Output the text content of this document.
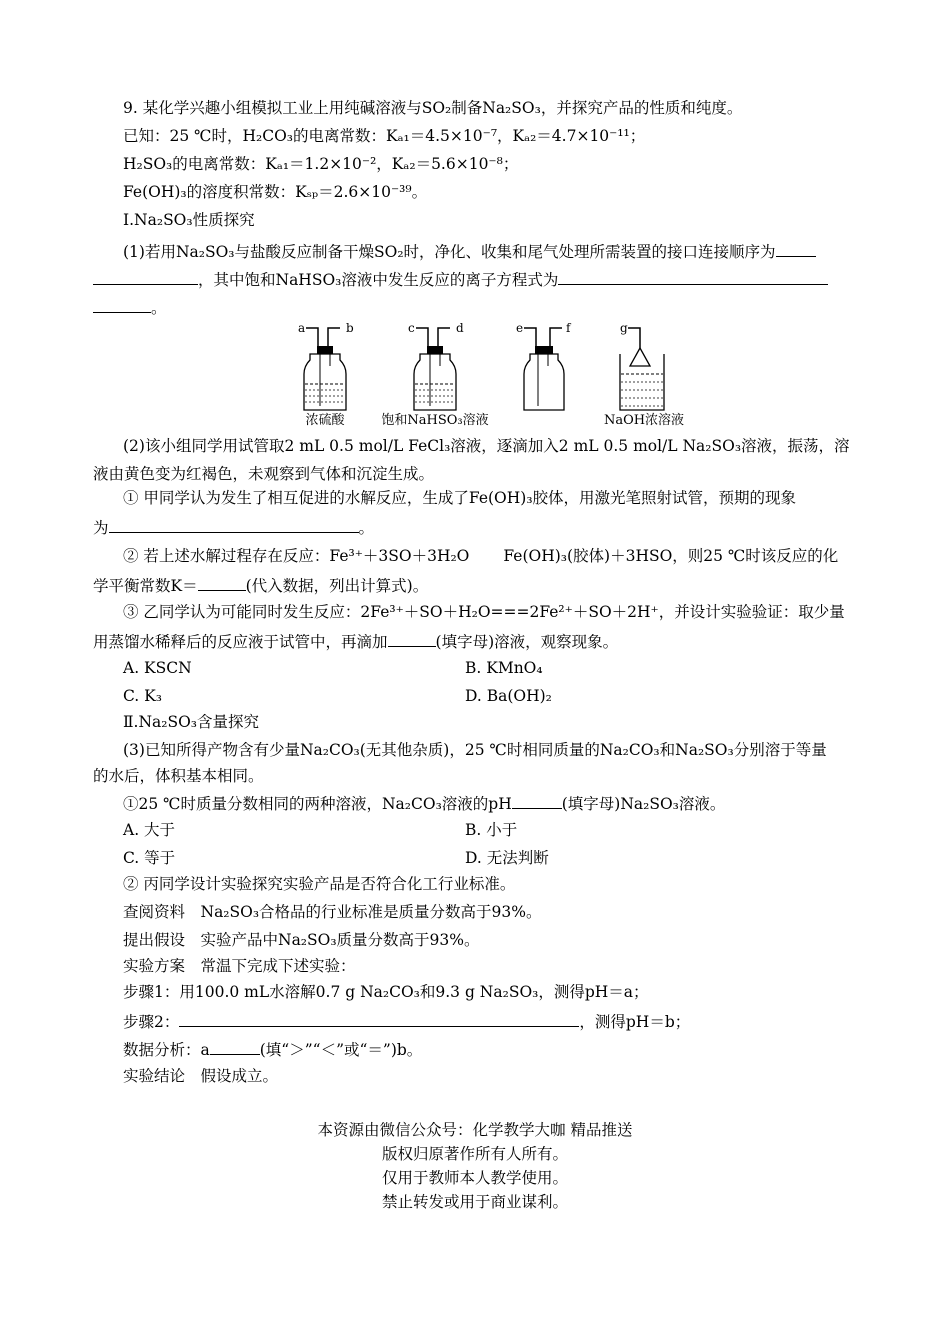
9. 某化学兴趣小组模拟工业上用纯碱溶液与SO₂制备Na₂SO₃，并探究产品的性质和纯度。
已知：25 ℃时，H₂CO₃的电离常数：Kₐ₁＝4.5×10⁻⁷，Kₐ₂＝4.7×10⁻¹¹；
H₂SO₃的电离常数：Kₐ₁＝1.2×10⁻²，Kₐ₂＝5.6×10⁻⁸；
Fe(OH)₃的溶度积常数：Kₛₚ＝2.6×10⁻³⁹。
Ⅰ.Na₂SO₃性质探究
(1)若用Na₂SO₃与盐酸反应制备干燥SO₂时，净化、收集和尾气处理所需装置的接口连接顺序为
，其中饱和NaHSO₃溶液中发生反应的离子方程式为
。
a	b
浓硫酸
c	d
饱和NaHSO₃溶液
e	f	g
NaOH浓溶液
(2)该小组同学用试管取2 mL 0.5 mol/L FeCl₃溶液，逐滴加入2 mL 0.5 mol/L Na₂SO₃溶液，振荡，溶
液由黄色变为红褐色，未观察到气体和沉淀生成。
① 甲同学认为发生了相互促进的水解反应，生成了Fe(OH)₃胶体，用激光笔照射试管，预期的现象
为	。
② 若上述水解过程存在反应：Fe³⁺＋3SO＋3H₂O Fe(OH)₃(胶体)＋3HSO，则25 ℃时该反应的化
学平衡常数K＝	(代入数据，列出计算式)。
③ 乙同学认为可能同时发生反应：2Fe³⁺＋SO＋H₂O===2Fe²⁺＋SO＋2H⁺，并设计实验验证：取少量
用蒸馏水稀释后的反应液于试管中，再滴加	(填字母)溶液，观察现象。
A. KSCN	B. KMnO₄
C. K₃	D. Ba(OH)₂
Ⅱ.Na₂SO₃含量探究
(3)已知所得产物含有少量Na₂CO₃(无其他杂质)，25 ℃时相同质量的Na₂CO₃和Na₂SO₃分别溶于等量
的水后，体积基本相同。
①25 ℃时质量分数相同的两种溶液，Na₂CO₃溶液的pH	(填字母)Na₂SO₃溶液。
A. 大于	B. 小于
C. 等于	D. 无法判断
② 丙同学设计实验探究实验产品是否符合化工行业标准。
查阅资料　Na₂SO₃合格品的行业标准是质量分数高于93%。
提出假设　实验产品中Na₂SO₃质量分数高于93%。
实验方案　常温下完成下述实验：
步骤1：用100.0 mL水溶解0.7 g Na₂CO₃和9.3 g Na₂SO₃，测得pH＝a；
步骤2：	，测得pH＝b；
数据分析：a	(填“＞”“＜”或“＝”)b。
实验结论　假设成立。
本资源由微信公众号：化学教学大咖 精品推送
版权归原著作所有人所有。
仅用于教师本人教学使用。
禁止转发或用于商业谋利。
